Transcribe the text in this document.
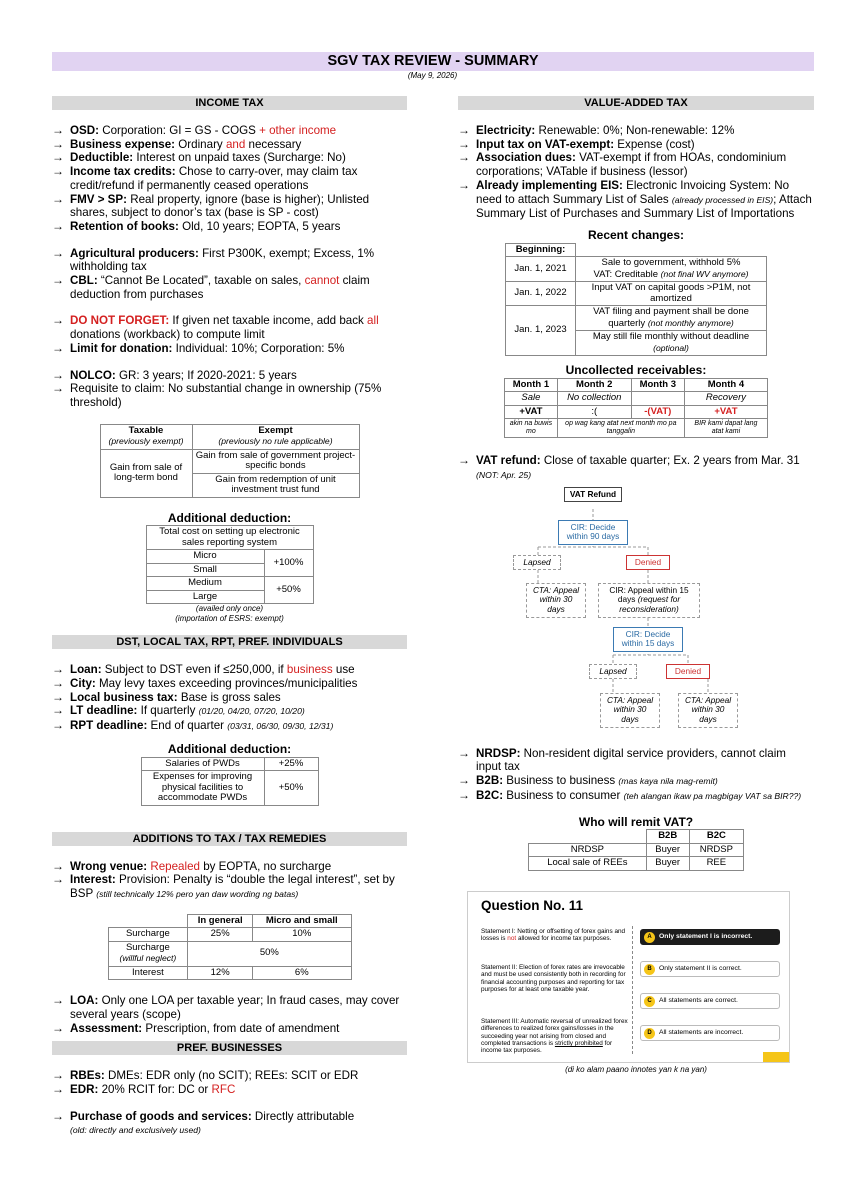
SGV TAX REVIEW - SUMMARY
(May 9, 2026)
INCOME TAX
→ OSD: Corporation: GI = GS - COGS + other income
→ Business expense: Ordinary and necessary
→ Deductible: Interest on unpaid taxes (Surcharge: No)
→ Income tax credits: Chose to carry-over, may claim tax credit/refund if permanently ceased operations
→ FMV > SP: Real property, ignore (base is higher); Unlisted shares, subject to donor’s tax (base is SP - cost)
→ Retention of books: Old, 10 years; EOPTA, 5 years
→ Agricultural producers: First P300K, exempt; Excess, 1% withholding tax
→ CBL: “Cannot Be Located”, taxable on sales, cannot claim deduction from purchases
→ DO NOT FORGET: If given net taxable income, add back all donations (workback) to compute limit
→ Limit for donation: Individual: 10%; Corporation: 5%
→ NOLCO: GR: 3 years; If 2020-2021: 5 years
→ Requisite to claim: No substantial change in ownership (75% threshold)
Taxable
(previously exempt)	Exempt
(previously no rule applicable)
Gain from sale of long-term bond	Gain from sale of government project-specific bonds
	Gain from redemption of unit investment trust fund
Additional deduction:
Total cost on setting up electronic sales reporting system	
Micro	+100%
Small	
Medium	+50%
Large	
(availed only once)
(importation of ESRS: exempt)
DST, LOCAL TAX, RPT, PREF. INDIVIDUALS
→ Loan: Subject to DST even if ≤250,000, if business use
→ City: May levy taxes exceeding provinces/municipalities
→ Local business tax: Base is gross sales
→ LT deadline: If quarterly (01/20, 04/20, 07/20, 10/20)
→ RPT deadline: End of quarter (03/31, 06/30, 09/30, 12/31)
Additional deduction:
Salaries of PWDs	+25%
Expenses for improving physical facilities to accommodate PWDs	+50%
ADDITIONS TO TAX / TAX REMEDIES
→ Wrong venue: Repealed by EOPTA, no surcharge
→ Interest: Provision: Penalty is “double the legal interest”, set by BSP (still technically 12% pero yan daw wording ng batas)
	In general	Micro and small
Surcharge	25%	10%
Surcharge
(willful neglect)	50%	
Interest	12%	6%
→ LOA: Only one LOA per taxable year; In fraud cases, may cover several years (scope)
→ Assessment: Prescription, from date of amendment
PREF. BUSINESSES
→ RBEs: DMEs: EDR only (no SCIT); REEs: SCIT or EDR
→ EDR: 20% RCIT for: DC or RFC
→ Purchase of goods and services: Directly attributable
(old: directly and exclusively used)
VALUE-ADDED TAX
→ Electricity: Renewable: 0%; Non-renewable: 12%
→ Input tax on VAT-exempt: Expense (cost)
→ Association dues: VAT-exempt if from HOAs, condominium corporations; VATable if business (lessor)
→ Already implementing EIS: Electronic Invoicing System: No need to attach Summary List of Sales (already processed in EIS); Attach Summary List of Purchases and Summary List of Importations
Recent changes:
Beginning:	
Jan. 1, 2021	Sale to government, withhold 5%
VAT: Creditable (not final WV anymore)
Jan. 1, 2022	Input VAT on capital goods >P1M, not amortized
Jan. 1, 2023	VAT filing and payment shall be done quarterly (not monthly anymore)
	May still file monthly without deadline (optional)
Uncollected receivables:
Month 1	Month 2	Month 3	Month 4
Sale	No collection		Recovery
+VAT	:(	-(VAT)	+VAT
akin na buwis mo	op wag kang atat next month mo pa tanggalin		BIR kami dapat lang atat kami
→ VAT refund: Close of taxable quarter; Ex. 2 years from Mar. 31 (NOT: Apr. 25)
VAT Refund
CIR: Decide within 90 days
Lapsed	Denied
CTA: Appeal within 30 days
CIR: Appeal within 15 days (request for reconsideration)
CIR: Decide within 15 days
Lapsed	Denied
CTA: Appeal within 30 days
CTA: Appeal within 30 days
→ NRDSP: Non-resident digital service providers, cannot claim input tax
→ B2B: Business to business (mas kaya nila mag-remit)
→ B2C: Business to consumer (teh alangan ikaw pa magbigay VAT sa BIR??)
Who will remit VAT?
	B2B	B2C
NRDSP	Buyer	NRDSP
Local sale of REEs	Buyer	REE
Question No. 11
Statement I: Netting or offsetting of forex gains and losses is not allowed for income tax purposes.
Statement II: Election of forex rates are irrevocable and must be used consistently both in recording for financial accounting purposes and reporting for tax purposes for at least one taxable year.
Statement III: Automatic reversal of unrealized forex differences to realized forex gains/losses in the succeeding year not arising from closed and completed transactions is strictly prohibited for income tax purposes.
A	Only statement I is incorrect.
B	Only statement II is correct.
C	All statements are correct.
D	All statements are incorrect.
(di ko alam paano innotes yan k na yan)
